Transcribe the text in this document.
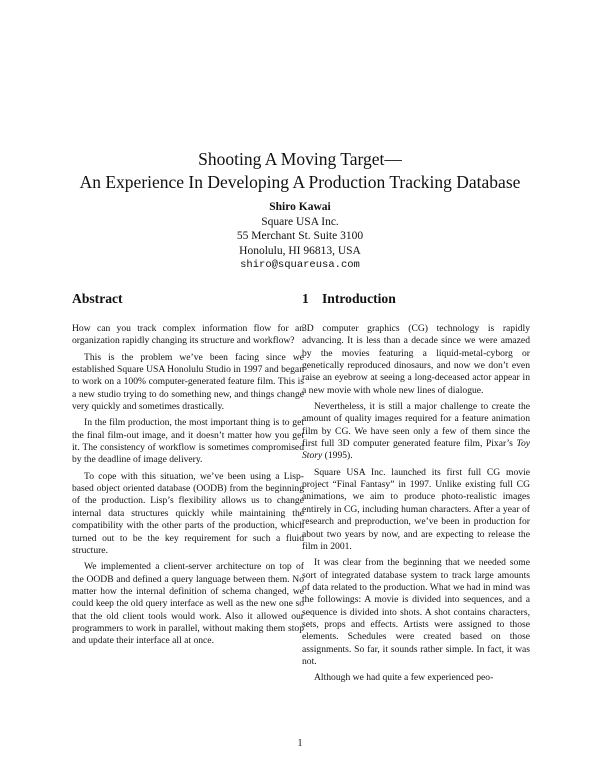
Shooting A Moving Target—
An Experience In Developing A Production Tracking Database
Shiro Kawai
Square USA Inc.
55 Merchant St. Suite 3100
Honolulu, HI 96813, USA
shiro@squareusa.com
Abstract

How can you track complex information flow for an organization rapidly changing its structure and workflow?

This is the problem we’ve been facing since we established Square USA Honolulu Studio in 1997 and began to work on a 100% computer-generated feature film. This is a new studio trying to do something new, and things change very quickly and sometimes drastically.

In the film production, the most important thing is to get the final film-out image, and it doesn’t matter how you get it. The consistency of workflow is sometimes compromised by the deadline of image delivery.

To cope with this situation, we’ve been using a Lisp-based object oriented database (OODB) from the beginning of the production. Lisp’s flexibility allows us to change internal data structures quickly while maintaining the compatibility with the other parts of the production, which turned out to be the key requirement for such a fluid structure.

We implemented a client-server architecture on top of the OODB and defined a query language between them. No matter how the internal definition of schema changed, we could keep the old query interface as well as the new one so that the old client tools would work. Also it allowed our programmers to work in parallel, without making them stop and update their interface all at once.

1 Introduction

3D computer graphics (CG) technology is rapidly advancing. It is less than a decade since we were amazed by the movies featuring a liquid-metal-cyborg or genetically reproduced dinosaurs, and now we don’t even raise an eyebrow at seeing a long-deceased actor appear in a new movie with whole new lines of dialogue.

Nevertheless, it is still a major challenge to create the amount of quality images required for a feature animation film by CG. We have seen only a few of them since the first full 3D computer generated feature film, Pixar’s Toy Story (1995).

Square USA Inc. launched its first full CG movie project “Final Fantasy” in 1997. Unlike existing full CG animations, we aim to produce photo-realistic images entirely in CG, including human characters. After a year of research and preproduction, we’ve been in production for about two years by now, and are expecting to release the film in 2001.

It was clear from the beginning that we needed some sort of integrated database system to track large amounts of data related to the production. What we had in mind was the followings: A movie is divided into sequences, and a sequence is divided into shots. A shot contains characters, sets, props and effects. Artists were assigned to those elements. Schedules were created based on those assignments. So far, it sounds rather simple. In fact, it was not.

Although we had quite a few experienced peo-

1
